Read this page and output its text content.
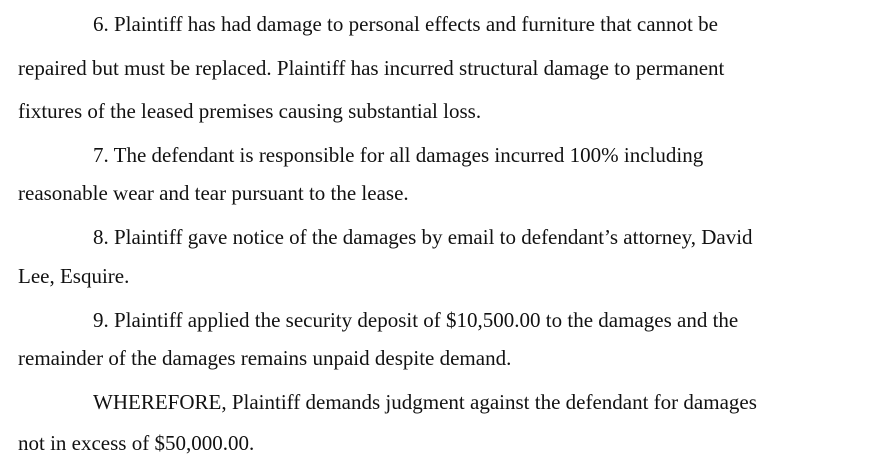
6. Plaintiff has had damage to personal effects and furniture that cannot be
repaired but must be replaced. Plaintiff has incurred structural damage to permanent
fixtures of the leased premises causing substantial loss.
7. The defendant is responsible for all damages incurred 100% including
reasonable wear and tear pursuant to the lease.
8. Plaintiff gave notice of the damages by email to defendant’s attorney, David
Lee, Esquire.
9. Plaintiff applied the security deposit of $10,500.00 to the damages and the
remainder of the damages remains unpaid despite demand.
WHEREFORE, Plaintiff demands judgment against the defendant for damages
not in excess of $50,000.00.
